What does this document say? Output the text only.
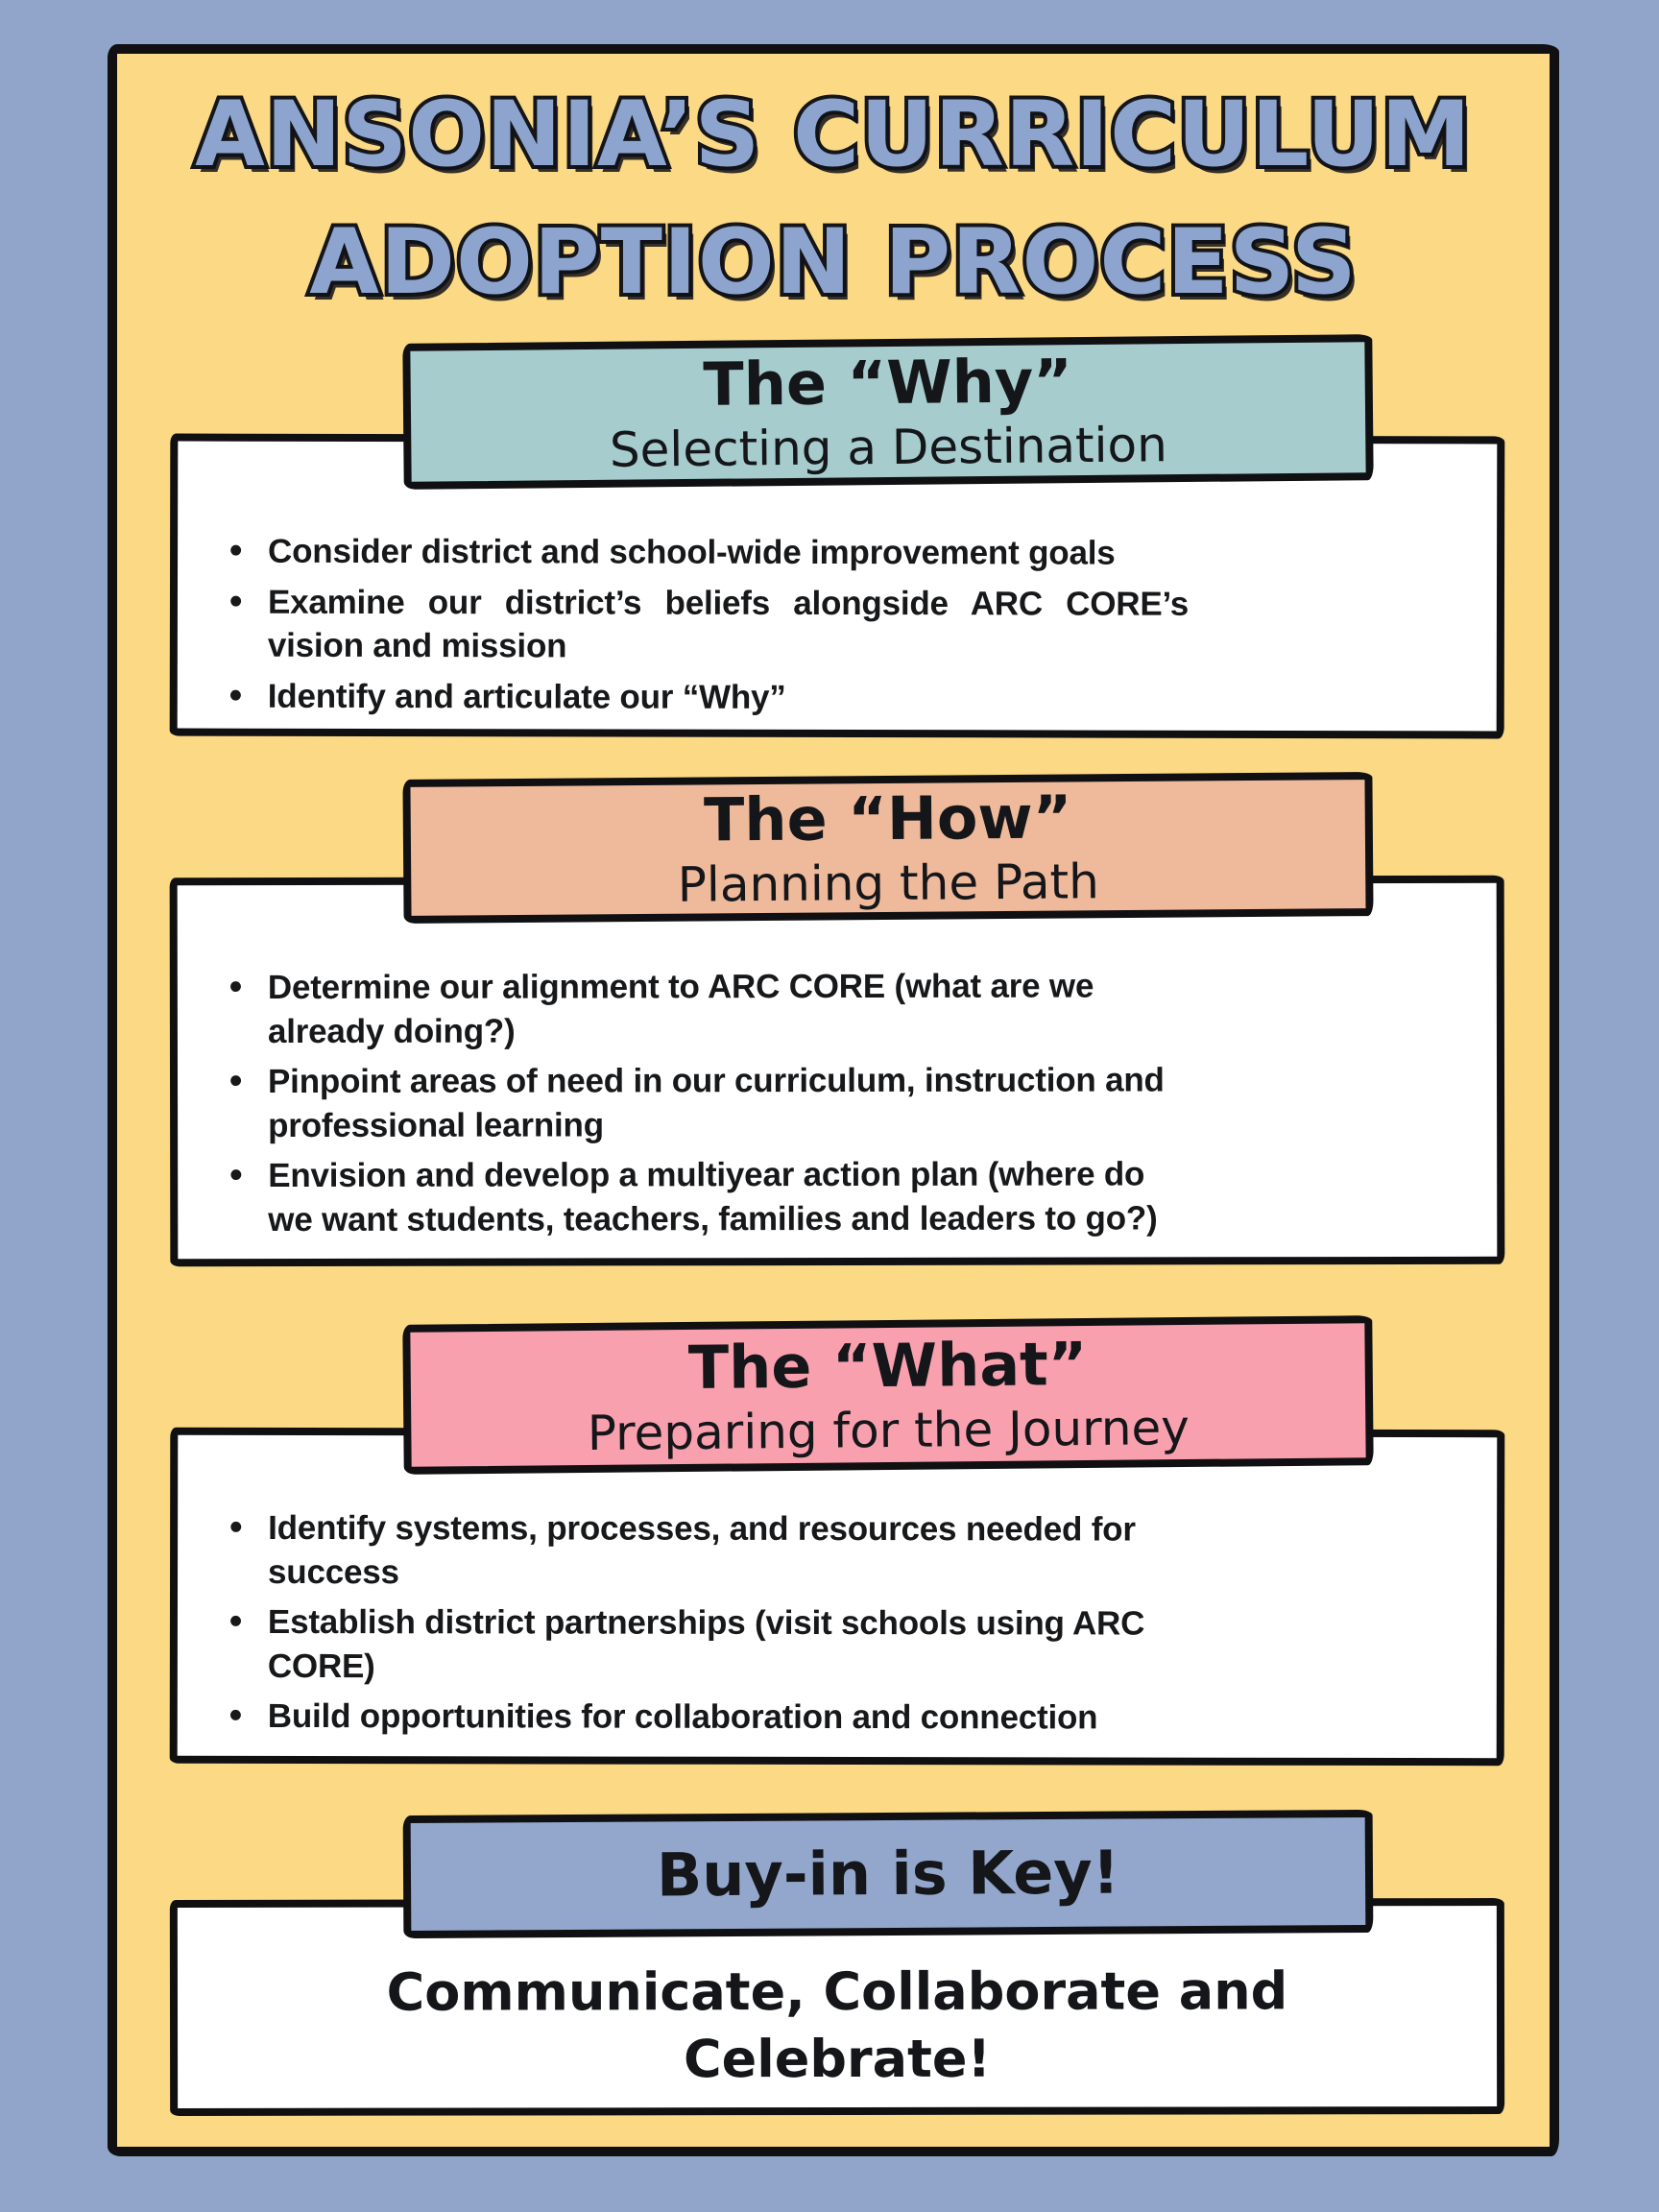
ANSONIA’S CURRICULUM
ADOPTION PROCESS
The “Why”
Selecting a Destination
• Consider district and school-wide improvement goals
• Examine our district’s beliefs alongside ARC CORE’s
vision and mission
• Identify and articulate our “Why”
The “How”
Planning the Path
• Determine our alignment to ARC CORE (what are we
already doing?)
• Pinpoint areas of need in our curriculum, instruction and
professional learning
• Envision and develop a multiyear action plan (where do
we want students, teachers, families and leaders to go?)
The “What”
Preparing for the Journey
• Identify systems, processes, and resources needed for
success
• Establish district partnerships (visit schools using ARC
CORE)
• Build opportunities for collaboration and connection
Buy-in is Key!
Communicate, Collaborate and
Celebrate!
